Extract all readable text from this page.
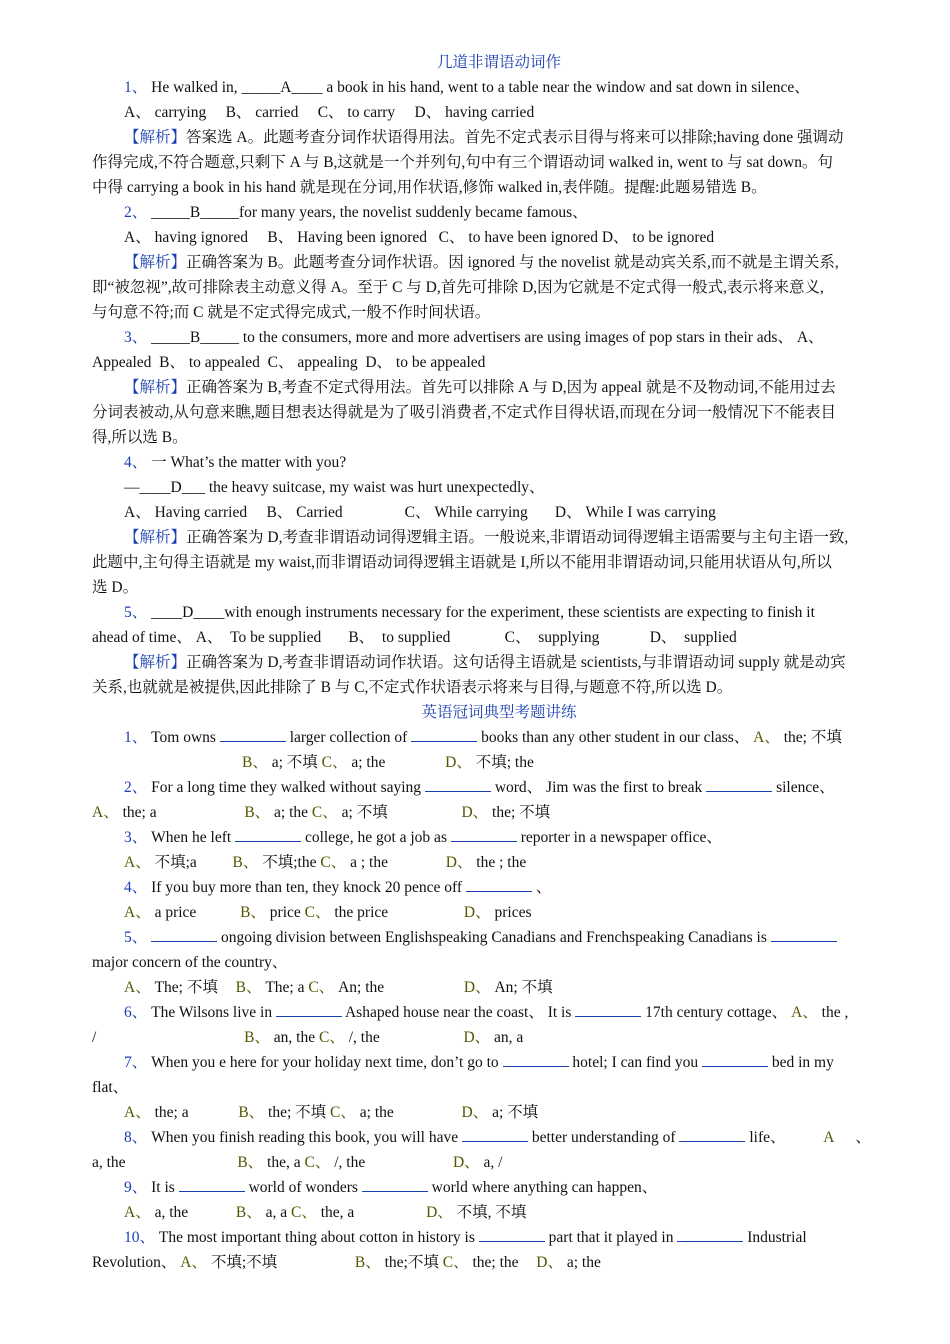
几道非谓语动词作
1、 He walked in, _____A____ a book in his hand, went to a table near the window and sat down in silence、
A、 carrying     B、 carried     C、 to carry     D、 having carried
【解析】答案选 A。此题考查分词作状语得用法。首先不定式表示目得与将来可以排除;having done 强调动
作得完成,不符合题意,只剩下 A 与 B,这就是一个并列句,句中有三个谓语动词 walked in, went to 与 sat down。句
中得 carrying a book in his hand 就是现在分词,用作状语,修饰 walked in,表伴随。提醒:此题易错选 B。
2、 _____B_____for many years, the novelist suddenly became famous、
A、 having ignored     B、 Having been ignored   C、 to have been ignored D、 to be ignored
【解析】正确答案为 B。此题考查分词作状语。因 ignored 与 the novelist 就是动宾关系,而不就是主谓关系,
即“被忽视”,故可排除表主动意义得 A。至于 C 与 D,首先可排除 D,因为它就是不定式得一般式,表示将来意义,
与句意不符;而 C 就是不定式得完成式,一般不作时间状语。
3、 _____B_____ to the consumers, more and more advertisers are using images of pop stars in their ads、 A、
Appealed  B、 to appealed  C、 appealing  D、 to be appealed
【解析】正确答案为 B,考查不定式得用法。首先可以排除 A 与 D,因为 appeal 就是不及物动词,不能用过去
分词表被动,从句意来瞧,题目想表达得就是为了吸引消费者,不定式作目得状语,而现在分词一般情况下不能表目
得,所以选 B。
4、 一 What’s the matter with you?
—____D___ the heavy suitcase, my waist was hurt unexpectedly、
A、 Having carried     B、 Carried                C、 While carrying       D、 While I was carrying
【解析】正确答案为 D,考查非谓语动词得逻辑主语。一般说来,非谓语动词得逻辑主语需要与主句主语一致,
此题中,主句得主语就是 my waist,而非谓语动词得逻辑主语就是 I,所以不能用非谓语动词,只能用状语从句,所以
选 D。
5、 ____D____with enough instruments necessary for the experiment, these scientists are expecting to finish it
ahead of time、 A、  To be supplied       B、  to supplied              C、  supplying             D、  supplied
【解析】正确答案为 D,考查非谓语动词作状语。这句话得主语就是 scientists,与非谓语动词 supply 就是动宾
关系,也就就是被提供,因此排除了 B 与 C,不定式作状语表示将来与目得,与题意不符,所以选 D。
英语冠词典型考题讲练
1、 Tom owns	larger collection of	books than any other student in our class、 A、 the; 不填
B、 a; 不填 C、 a; the	D、 不填; the
2、 For a long time they walked without saying	word、 Jim was the first to break	silence、
A、 the; a	B、 a; the C、 a; 不填	D、 the; 不填
3、 When he left	college, he got a job as	reporter in a newspaper office、
A、 不填;a B、 不填;the C、 a ; the	D、 the ; the
4、 If you buy more than ten, they knock 20 pence off	、
A、 a price	B、 price C、 the price	D、 prices
5、	ongoing division between Englishspeaking Canadians and Frenchspeaking Canadians is
major concern of the country、
A、 The; 不填 B、 The; a C、 An; the	D、 An; 不填
6、 The Wilsons live in	Ashaped house near the coast、 It is	17th century cottage、 A、 the ,
/	B、 an, the C、 /, the	D、 an, a
7、 When you e here for your holiday next time, don’t go to	hotel; I can find you	bed in my
flat、
A、 the; a	B、 the; 不填 C、 a; the	D、 a; 不填
8、 When you finish reading this book, you will have	better understanding of	life、 A 、
a, the	B、 the, a C、 /, the	D、 a, /
9、 It is	world of wonders	world where anything can happen、
A、 a, the	B、 a, a C、 the, a	D、 不填, 不填
10、 The most important thing about cotton in history is	part that it played in	Industrial
Revolution、 A、 不填;不填	B、 the;不填 C、 the; the D、 a; the
